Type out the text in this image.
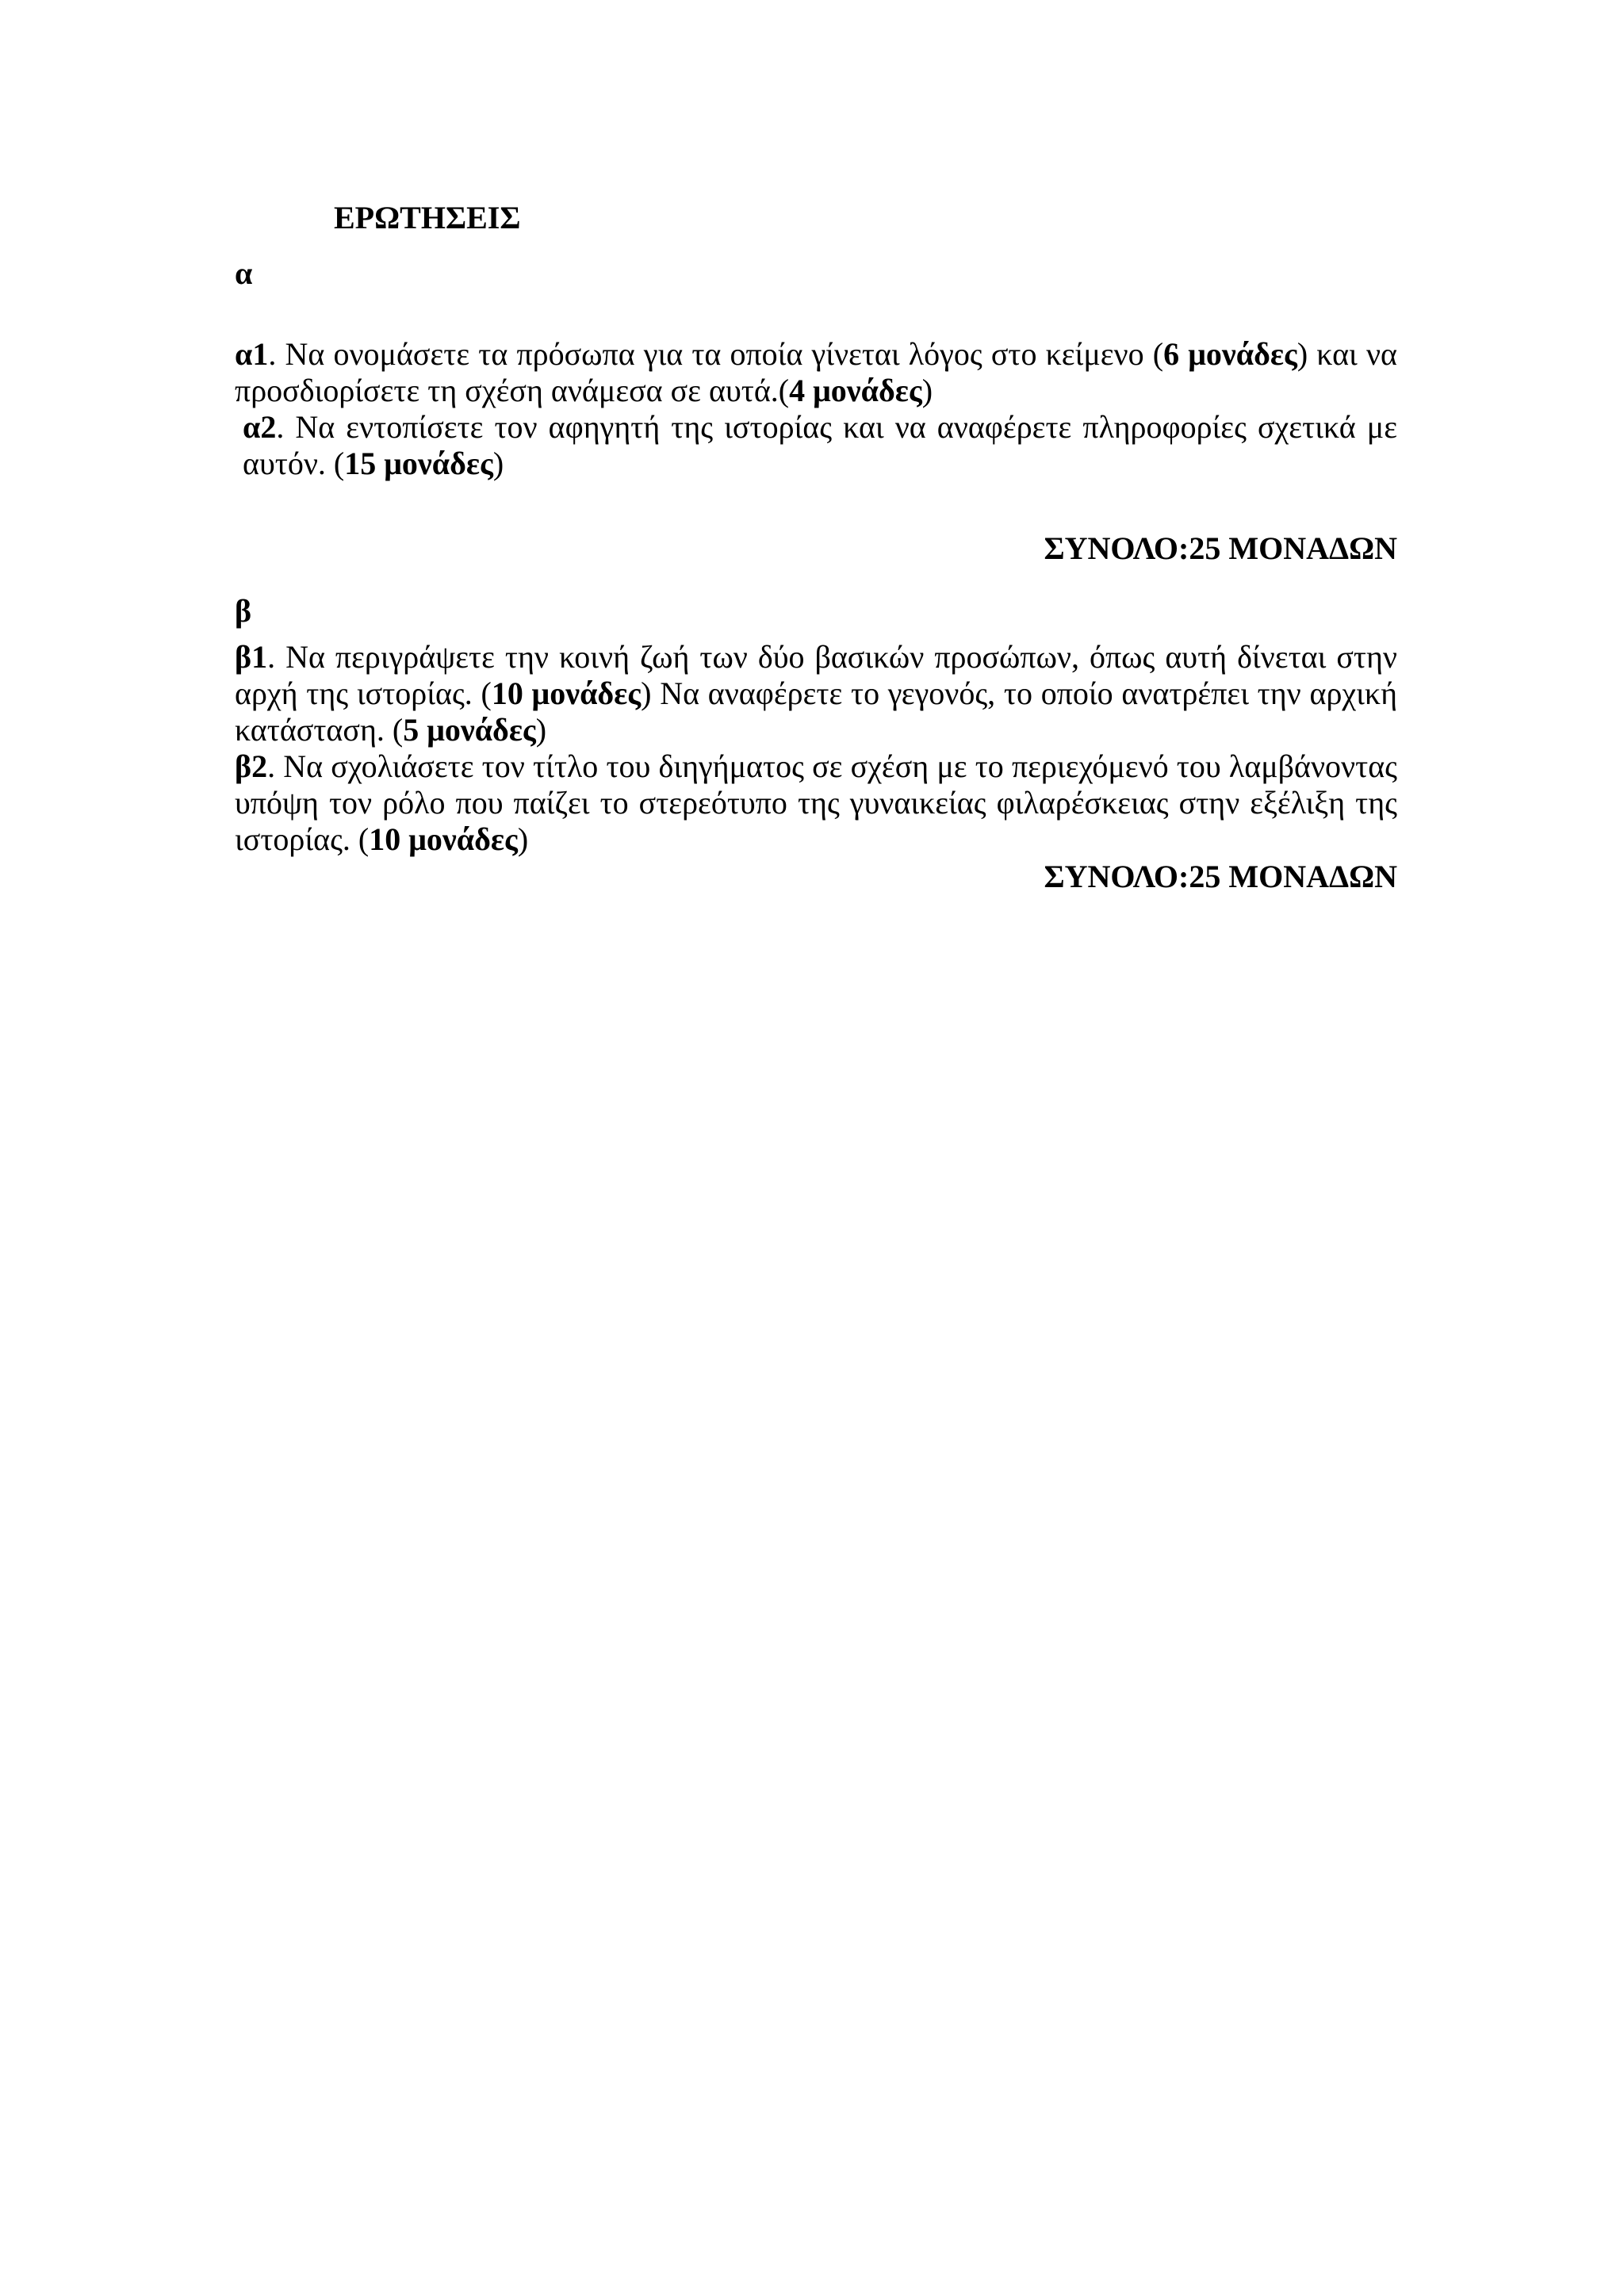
ΕΡΩΤΗΣΕΙΣ
α

α1. Να ονομάσετε τα πρόσωπα για τα οποία γίνεται λόγος στο κείμενο (6 μονάδες) και να προσδιορίσετε τη σχέση ανάμεσα σε αυτά.(4 μονάδες)

α2. Να εντοπίσετε τον αφηγητή της ιστορίας και να αναφέρετε πληροφορίες σχετικά με αυτόν. (15 μονάδες)

ΣΥΝΟΛΟ:25 ΜΟΝΑΔΩΝ

β

β1. Να περιγράψετε την κοινή ζωή των δύο βασικών προσώπων, όπως αυτή δίνεται στην αρχή της ιστορίας. (10 μονάδες) Να αναφέρετε το γεγονός, το οποίο ανατρέπει την αρχική κατάσταση. (5 μονάδες)

β2. Να σχολιάσετε τον τίτλο του διηγήματος σε σχέση με το περιεχόμενό του λαμβάνοντας υπόψη τον ρόλο που παίζει το στερεότυπο της γυναικείας φιλαρέσκειας στην εξέλιξη της ιστορίας. (10 μονάδες)

ΣΥΝΟΛΟ:25 ΜΟΝΑΔΩΝ
